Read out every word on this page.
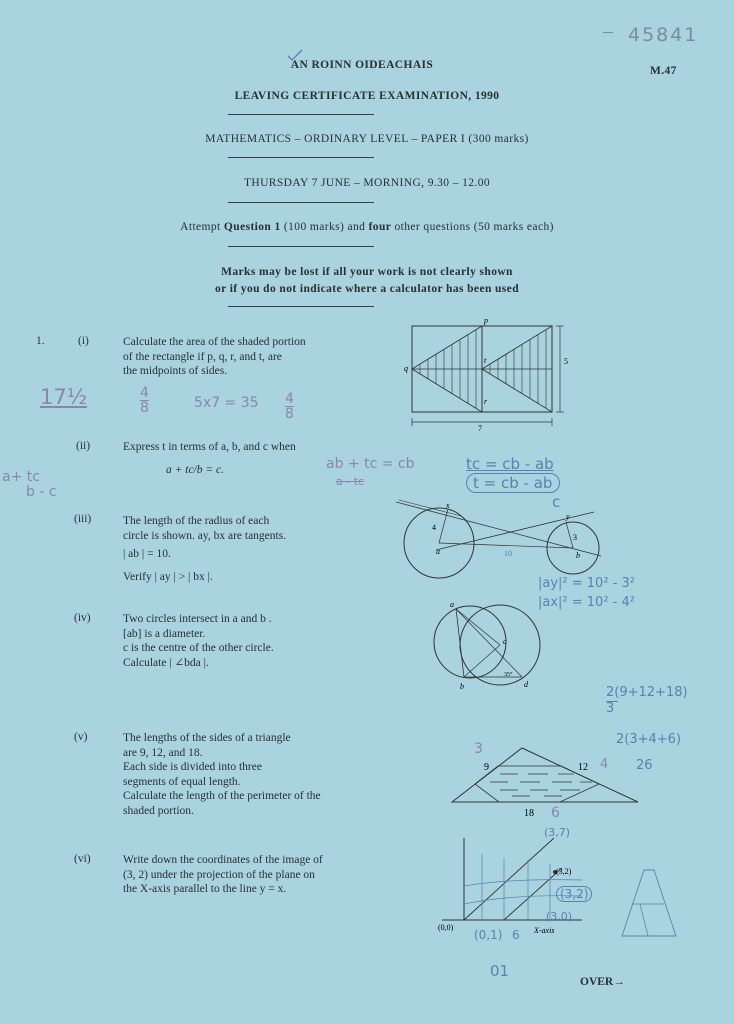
45841
M.47
AN ROINN OIDEACHAIS
LEAVING CERTIFICATE EXAMINATION, 1990
MATHEMATICS – ORDINARY LEVEL – PAPER I (300 marks)
THURSDAY 7 JUNE – MORNING, 9.30 – 12.00
Attempt Question 1 (100 marks) and four other questions (50 marks each)
Marks may be lost if all your work is not clearly shown
or if you do not indicate where a calculator has been used
1.	(i)	Calculate the area of the shaded portion
of the rectangle if p, q, r, and t, are
the midpoints of sides.
p
q
r
t	5
7
17½	4
8	5x7 = 35 4
8
(ii)	Express t in terms of a, b, and c when
a + tc/b = c.
a+ tc
b - c
ab + tc = cb
a - tc
tc = cb - ab
t = cb - ab
c
(iii)	The length of the radius of each
circle is shown. ay, bx are tangents.
| ab | = 10.
Verify | ay | > | bx |.
x
y
a	b
4
3
10
|ay|² = 10² - 3²
|ax|² = 10² - 4²
(iv)	Two circles intersect in a and b .
[ab] is a diameter.
c is the centre of the other circle.
Calculate | ∠bda |.
a
b
c
d
35°
2(9+12+18)
3
2(3+4+6)
26
(v)	The lengths of the sides of a triangle
are 9, 12, and 18.
Each side is divided into three
segments of equal length.
Calculate the length of the perimeter of the
shaded portion.
9	12
18
3
4
6
(vi)	Write down the coordinates of the image of
(3, 2) under the projection of the plane on
the X-axis parallel to the line y = x.
(0,0)
(3,2)
X-axis
(3,7)
(3,2)
(3,0)
(0,1) 6
01
OVER→
